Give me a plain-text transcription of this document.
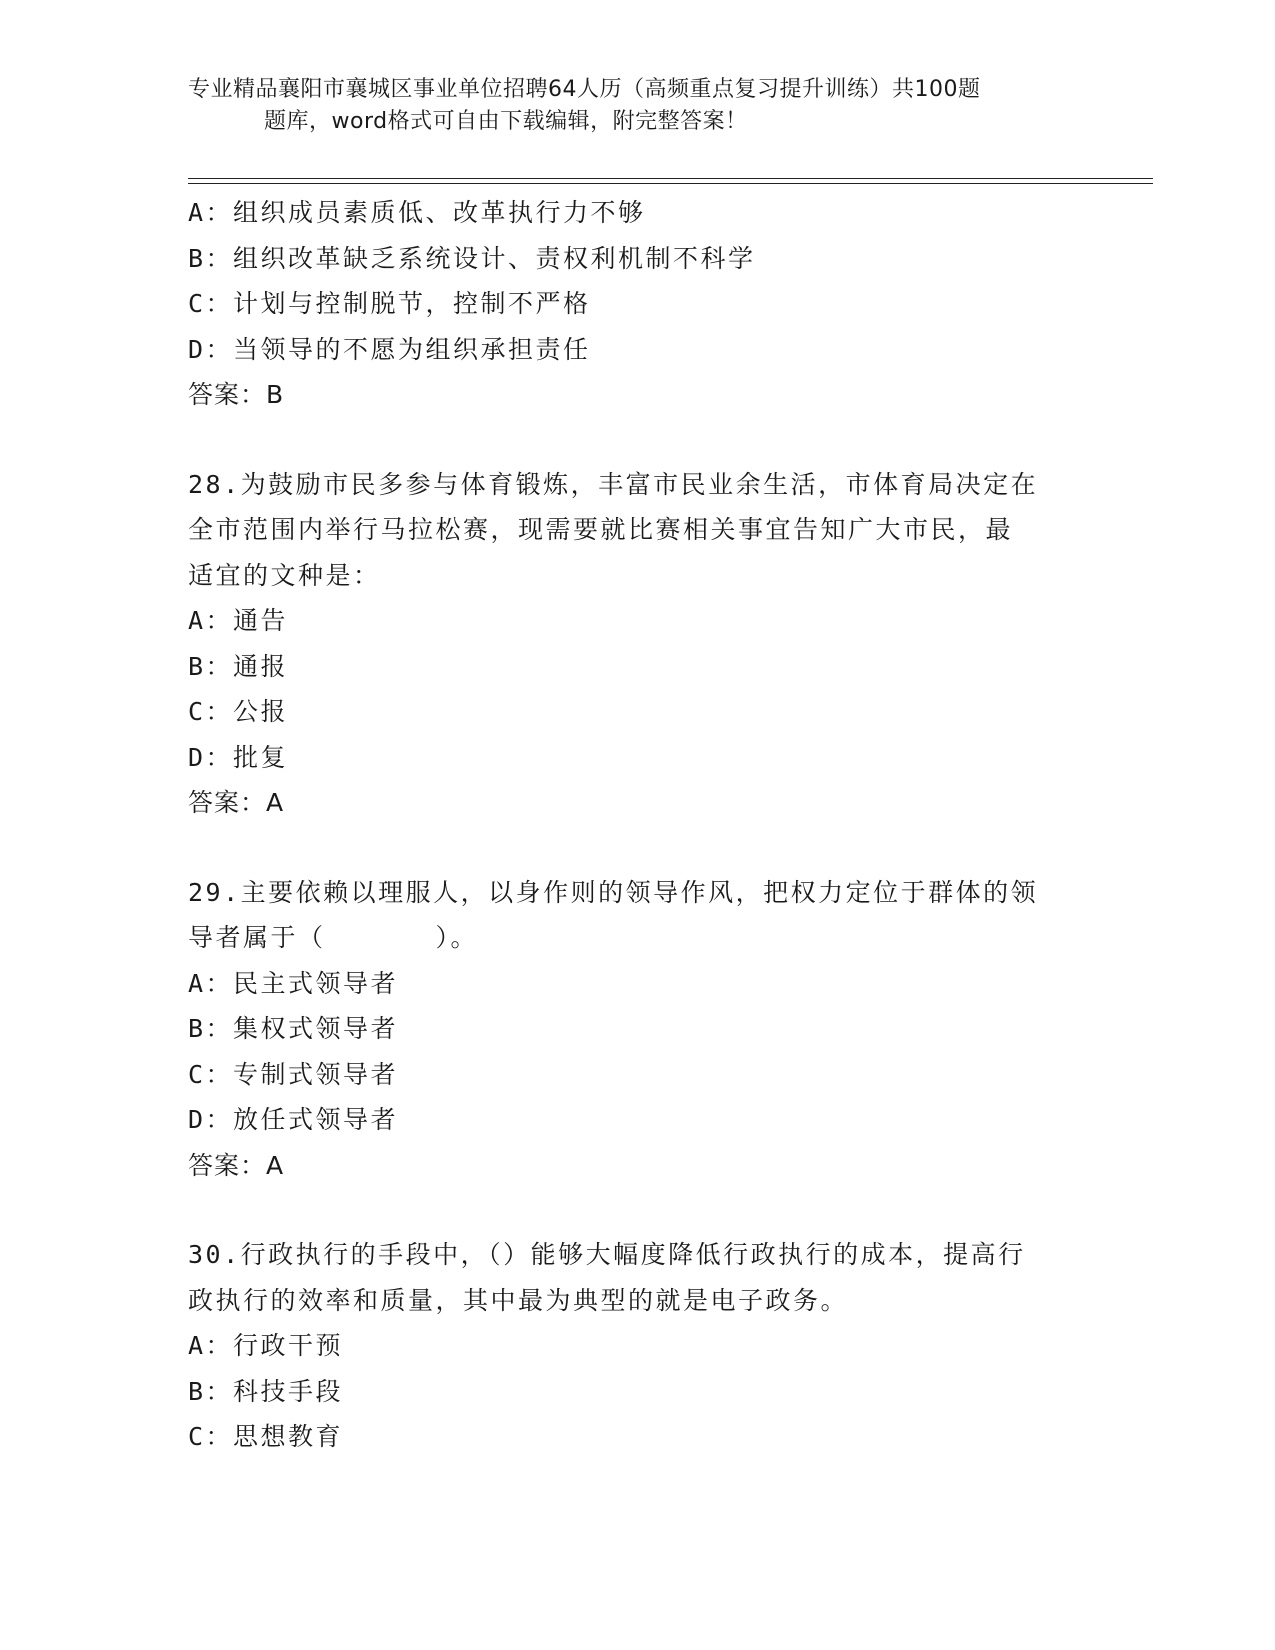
专业精品襄阳市襄城区事业单位招聘64人历（高频重点复习提升训练）共100题
题库，word格式可自由下载编辑，附完整答案！
A：组织成员素质低、改革执行力不够
B：组织改革缺乏系统设计、责权利机制不科学
C：计划与控制脱节，控制不严格
D：当领导的不愿为组织承担责任
答案：B
28.为鼓励市民多参与体育锻炼，丰富市民业余生活，市体育局决定在
全市范围内举行马拉松赛，现需要就比赛相关事宜告知广大市民，最
适宜的文种是：
A：通告
B：通报
C：公报
D：批复
答案：A
29.主要依赖以理服人，以身作则的领导作风，把权力定位于群体的领
导者属于（	）。
A：民主式领导者
B：集权式领导者
C：专制式领导者
D：放任式领导者
答案：A
30.行政执行的手段中，（）能够大幅度降低行政执行的成本，提高行
政执行的效率和质量，其中最为典型的就是电子政务。
A：行政干预
B：科技手段
C：思想教育
